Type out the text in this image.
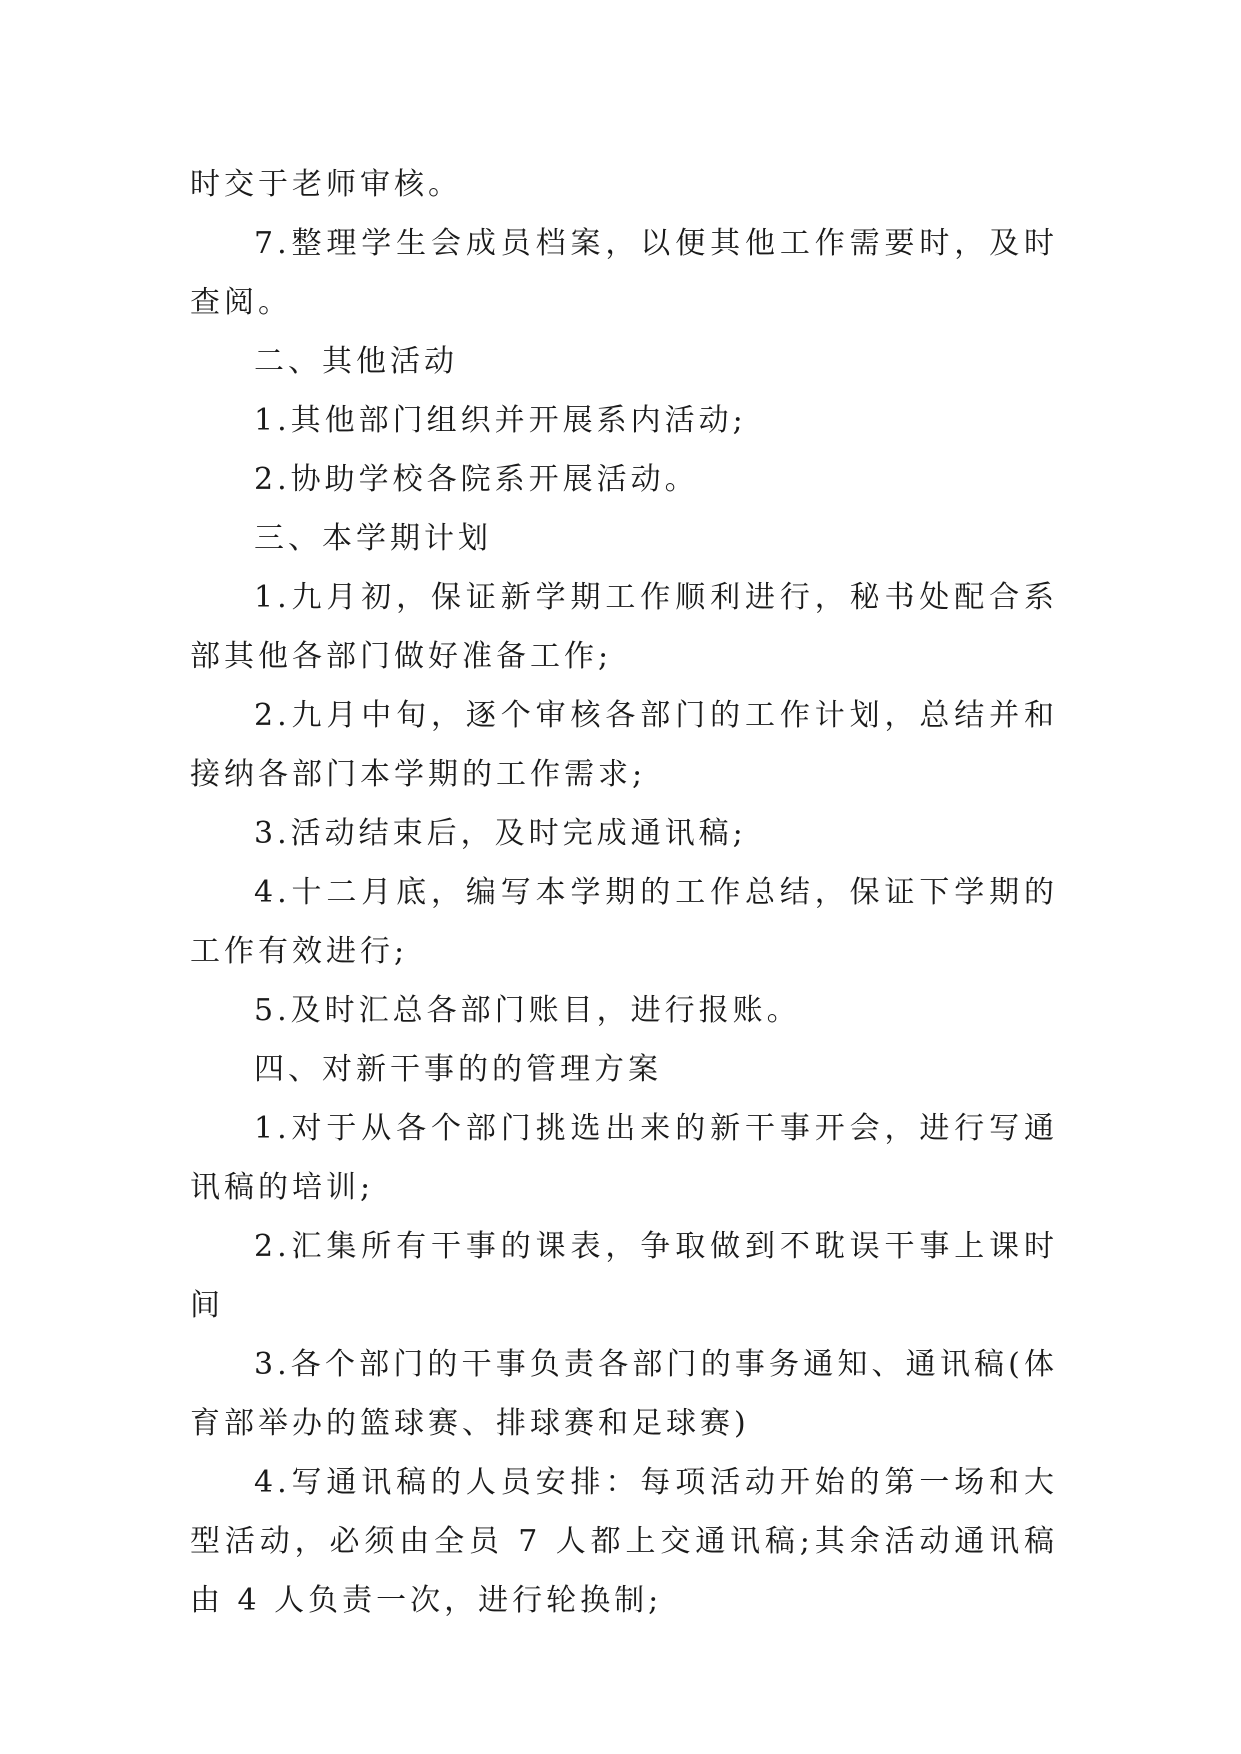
时交于老师审核。

7.整理学生会成员档案，以便其他工作需要时，及时查阅。

二、其他活动

1.其他部门组织并开展系内活动;

2.协助学校各院系开展活动。

三、本学期计划

1.九月初，保证新学期工作顺利进行，秘书处配合系部其他各部门做好准备工作;

2.九月中旬，逐个审核各部门的工作计划，总结并和接纳各部门本学期的工作需求;

3.活动结束后，及时完成通讯稿;

4.十二月底，编写本学期的工作总结，保证下学期的工作有效进行;

5.及时汇总各部门账目，进行报账。

四、对新干事的的管理方案

1.对于从各个部门挑选出来的新干事开会，进行写通讯稿的培训;

2.汇集所有干事的课表，争取做到不耽误干事上课时间

3.各个部门的干事负责各部门的事务通知、通讯稿(体育部举办的篮球赛、排球赛和足球赛)

4.写通讯稿的人员安排：每项活动开始的第一场和大型活动，必须由全员 7 人都上交通讯稿;其余活动通讯稿由 4 人负责一次，进行轮换制;
